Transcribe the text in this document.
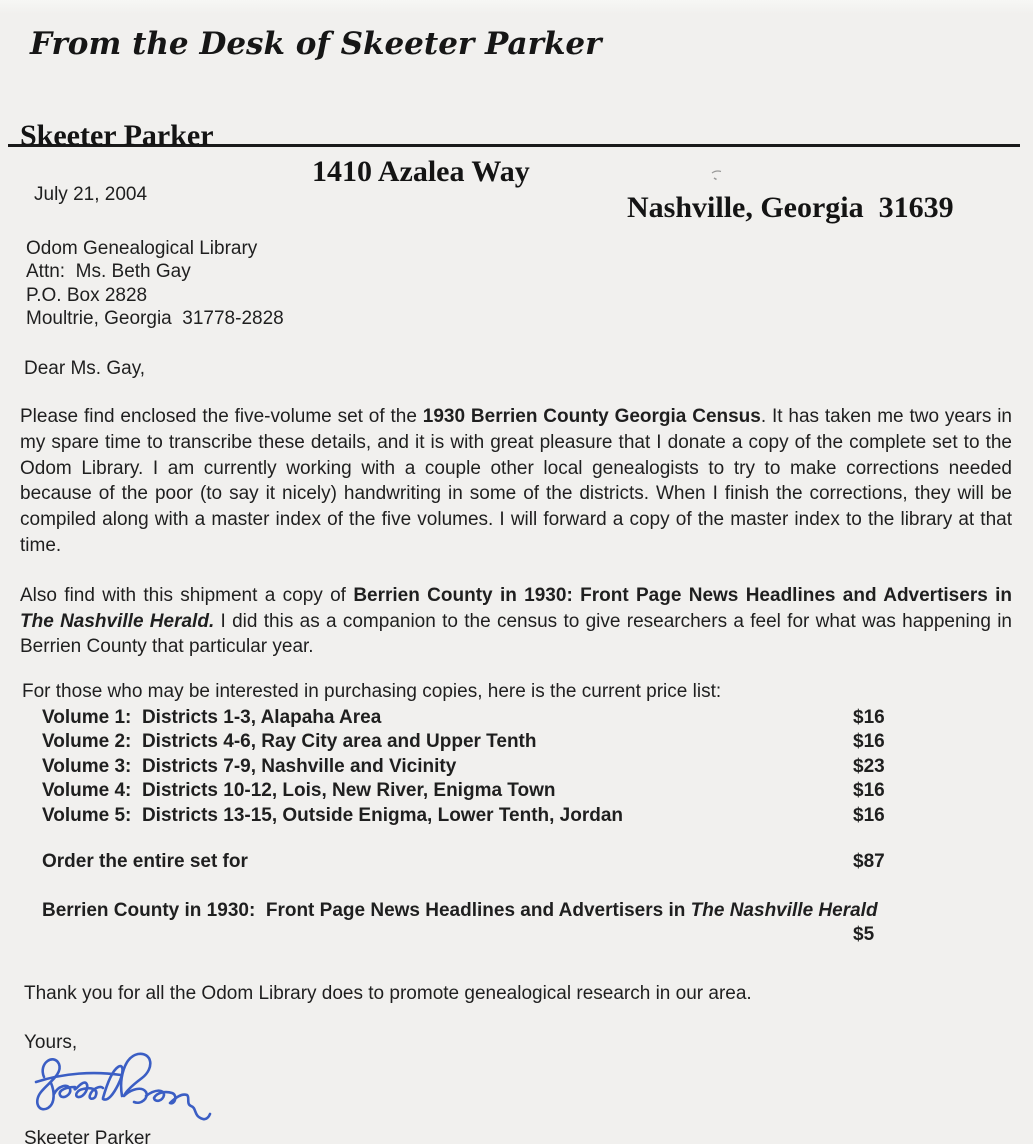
From the Desk of Skeeter Parker

Skeeter Parker

1410 Azalea Way

Nashville, Georgia  31639

July 21, 2004
Odom Genealogical Library
Attn:  Ms. Beth Gay
P.O. Box 2828
Moultrie, Georgia  31778-2828
Dear Ms. Gay,

Please find enclosed the five-volume set of the 1930 Berrien County Georgia Census. It has taken me two years in my spare time to transcribe these details, and it is with great pleasure that I donate a copy of the complete set to the Odom Library. I am currently working with a couple other local genealogists to try to make corrections needed because of the poor (to say it nicely) handwriting in some of the districts. When I finish the corrections, they will be compiled along with a master index of the five volumes. I will forward a copy of the master index to the library at that time.

Also find with this shipment a copy of Berrien County in 1930: Front Page News Headlines and Advertisers in The Nashville Herald. I did this as a companion to the census to give researchers a feel for what was happening in Berrien County that particular year.

For those who may be interested in purchasing copies, here is the current price list:
Volume 1:  Districts 1-3, Alapaha Area	$16
Volume 2:  Districts 4-6, Ray City area and Upper Tenth	$16
Volume 3:  Districts 7-9, Nashville and Vicinity	$23
Volume 4:  Districts 10-12, Lois, New River, Enigma Town	$16
Volume 5:  Districts 13-15, Outside Enigma, Lower Tenth, Jordan	$16
Order the entire set for	$87
Berrien County in 1930:  Front Page News Headlines and Advertisers in The Nashville Herald
$5
Thank you for all the Odom Library does to promote genealogical research in our area.
Yours,
Skeeter Parker
